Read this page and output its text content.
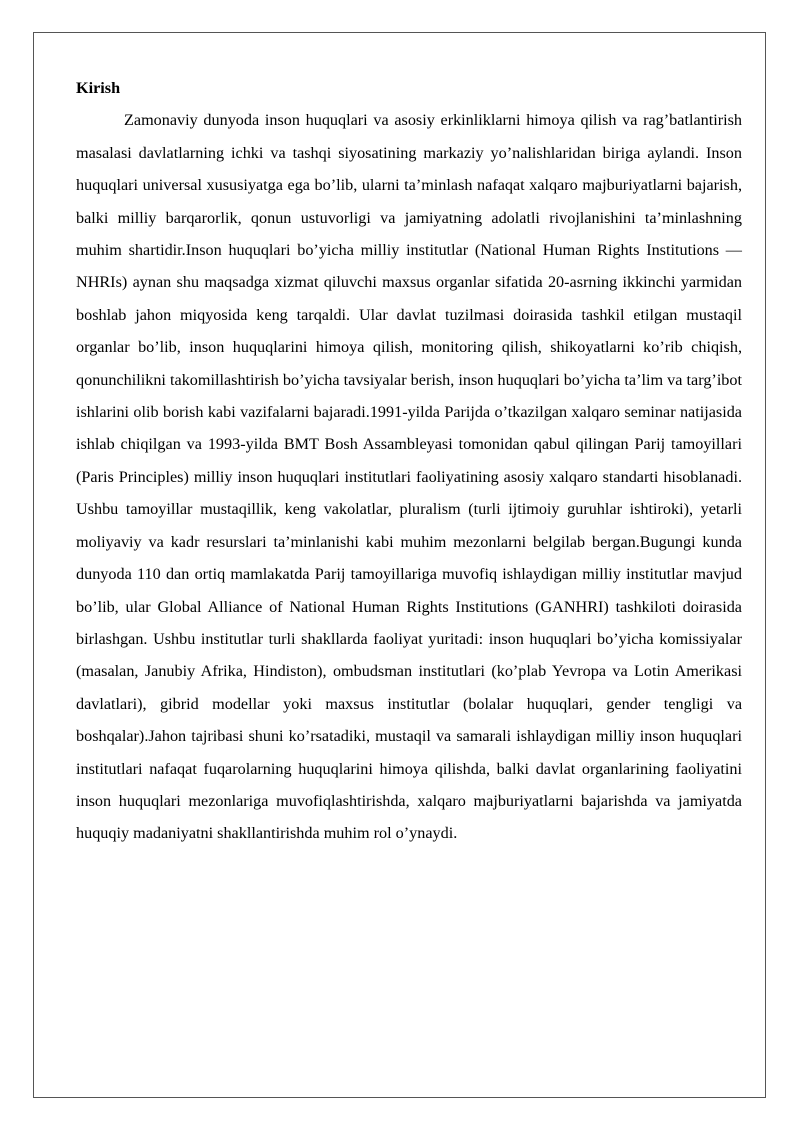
Kirish

Zamonaviy dunyoda inson huquqlari va asosiy erkinliklarni himoya qilish va rag’batlantirish masalasi davlatlarning ichki va tashqi siyosatining markaziy yo’nalishlaridan biriga aylandi. Inson huquqlari universal xususiyatga ega bo’lib, ularni ta’minlash nafaqat xalqaro majburiyatlarni bajarish, balki milliy barqarorlik, qonun ustuvorligi va jamiyatning adolatli rivojlanishini ta’minlashning muhim shartidir.Inson huquqlari bo’yicha milliy institutlar (National Human Rights Institutions — NHRIs) aynan shu maqsadga xizmat qiluvchi maxsus organlar sifatida 20-asrning ikkinchi yarmidan boshlab jahon miqyosida keng tarqaldi. Ular davlat tuzilmasi doirasida tashkil etilgan mustaqil organlar bo’lib, inson huquqlarini himoya qilish, monitoring qilish, shikoyatlarni ko’rib chiqish, qonunchilikni takomillashtirish bo’yicha tavsiyalar berish, inson huquqlari bo’yicha ta’lim va targ’ibot ishlarini olib borish kabi vazifalarni bajaradi.1991-yilda Parijda o’tkazilgan xalqaro seminar natijasida ishlab chiqilgan va 1993-yilda BMT Bosh Assambleyasi tomonidan qabul qilingan Parij tamoyillari (Paris Principles) milliy inson huquqlari institutlari faoliyatining asosiy xalqaro standarti hisoblanadi. Ushbu tamoyillar mustaqillik, keng vakolatlar, pluralism (turli ijtimoiy guruhlar ishtiroki), yetarli moliyaviy va kadr resurslari ta’minlanishi kabi muhim mezonlarni belgilab bergan.Bugungi kunda dunyoda 110 dan ortiq mamlakatda Parij tamoyillariga muvofiq ishlaydigan milliy institutlar mavjud bo’lib, ular Global Alliance of National Human Rights Institutions (GANHRI) tashkiloti doirasida birlashgan. Ushbu institutlar turli shakllarda faoliyat yuritadi: inson huquqlari bo’yicha komissiyalar (masalan, Janubiy Afrika, Hindiston), ombudsman institutlari (ko’plab Yevropa va Lotin Amerikasi davlatlari), gibrid modellar yoki maxsus institutlar (bolalar huquqlari, gender tengligi va boshqalar).Jahon tajribasi shuni ko’rsatadiki, mustaqil va samarali ishlaydigan milliy inson huquqlari institutlari nafaqat fuqarolarning huquqlarini himoya qilishda, balki davlat organlarining faoliyatini inson huquqlari mezonlariga muvofiqlashtirishda, xalqaro majburiyatlarni bajarishda va jamiyatda huquqiy madaniyatni shakllantirishda muhim rol o’ynaydi.
